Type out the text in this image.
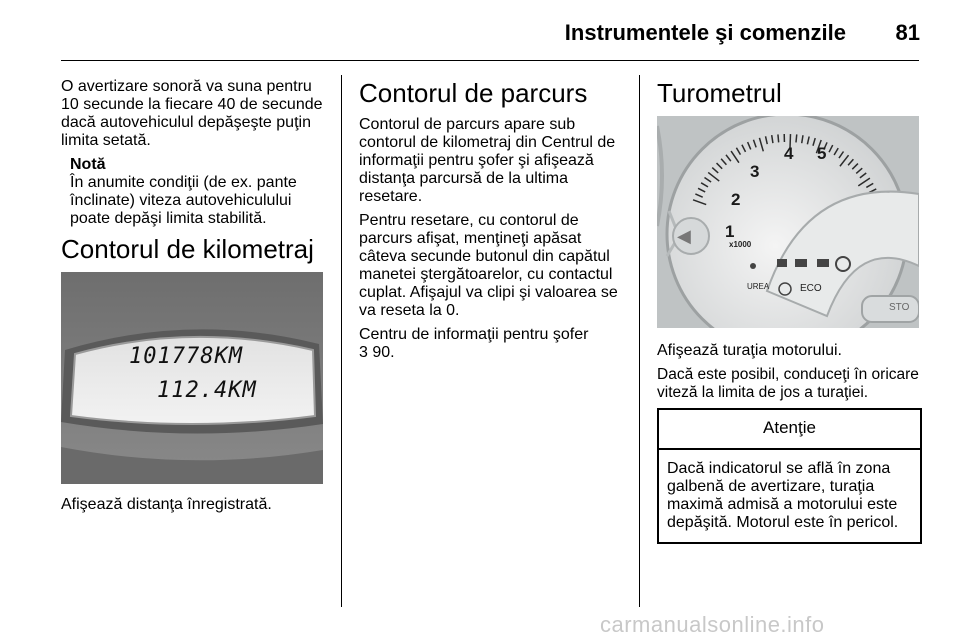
Instrumentele şi comenzile	81

O avertizare sonoră va suna pentru 10 secunde la fiecare 40 de secunde dacă autovehiculul depăşeşte puţin limita setată.

Notă

În anumite condiţii (de ex. pante înclinate) viteza autovehiculului poate depăşi limita stabilită.

Contorul de kilometraj
101778KM
112.4KM

Afişează distanţa înregistrată.

Contorul de parcurs

Contorul de parcurs apare sub contorul de kilometraj din Centrul de informaţii pentru şofer şi afişează distanţa parcursă de la ultima resetare.

Pentru resetare, cu contorul de parcurs afişat, menţineţi apăsat câteva secunde butonul din capătul manetei ştergătoarelor, cu contactul cuplat. Afişajul va clipi şi valoarea se va reseta la 0.

Centru de informaţii pentru şofer
3 90.

Turometrul
1
2
3
4 5
x1000
UREA	ECO
STO
◀

Afişează turaţia motorului.

Dacă este posibil, conduceţi în oricare viteză la limita de jos a turaţiei.

Atenţie
Dacă indicatorul se află în zona galbenă de avertizare, turaţia maximă admisă a motorului este depăşită. Motorul este în pericol.
carmanualsonline.info
